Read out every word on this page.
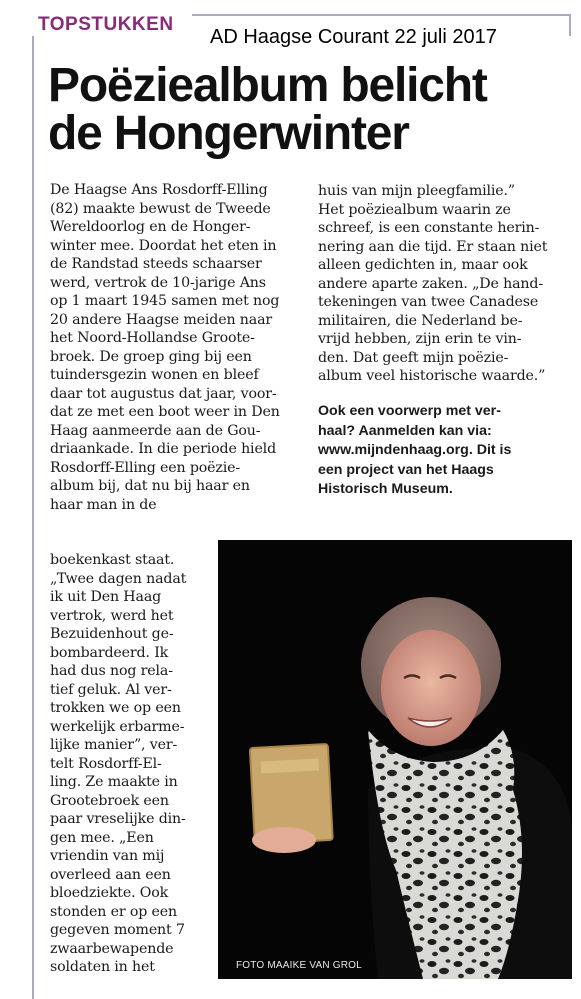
TOPSTUKKEN
AD Haagse Courant 22 juli 2017
Poëziealbum belicht
de Hongerwinter
De Haagse Ans Rosdorff-Elling
(82) maakte bewust de Tweede
Wereldoorlog en de Honger-
winter mee. Doordat het eten in
de Randstad steeds schaarser
werd, vertrok de 10-jarige Ans
op 1 maart 1945 samen met nog
20 andere Haagse meiden naar
het Noord-Hollandse Groote-
broek. De groep ging bij een
tuindersgezin wonen en bleef
daar tot augustus dat jaar, voor-
dat ze met een boot weer in Den
Haag aanmeerde aan de Gou-
driaankade. In die periode hield
Rosdorff-Elling een poëzie-
album bij, dat nu bij haar en
haar man in de
boekenkast staat.
„Twee dagen nadat
ik uit Den Haag
vertrok, werd het
Bezuidenhout ge-
bombardeerd. Ik
had dus nog rela-
tief geluk. Al ver-
trokken we op een
werkelijk erbarme-
lijke manier”, ver-
telt Rosdorff-El-
ling. Ze maakte in
Grootebroek een
paar vreselijke din-
gen mee. „Een
vriendin van mij
overleed aan een
bloedziekte. Ook
stonden er op een
gegeven moment 7
zwaarbewapende
soldaten in het
huis van mijn pleegfamilie.”
Het poëziealbum waarin ze
schreef, is een constante herin-
nering aan die tijd. Er staan niet
alleen gedichten in, maar ook
andere aparte zaken. „De hand-
tekeningen van twee Canadese
militairen, die Nederland be-
vrijd hebben, zijn erin te vin-
den. Dat geeft mijn poëzie-
album veel historische waarde.”
Ook een voorwerp met ver-
haal? Aanmelden kan via:
www.mijndenhaag.org. Dit is
een project van het Haags
Historisch Museum.
FOTO MAAIKE VAN GROL
